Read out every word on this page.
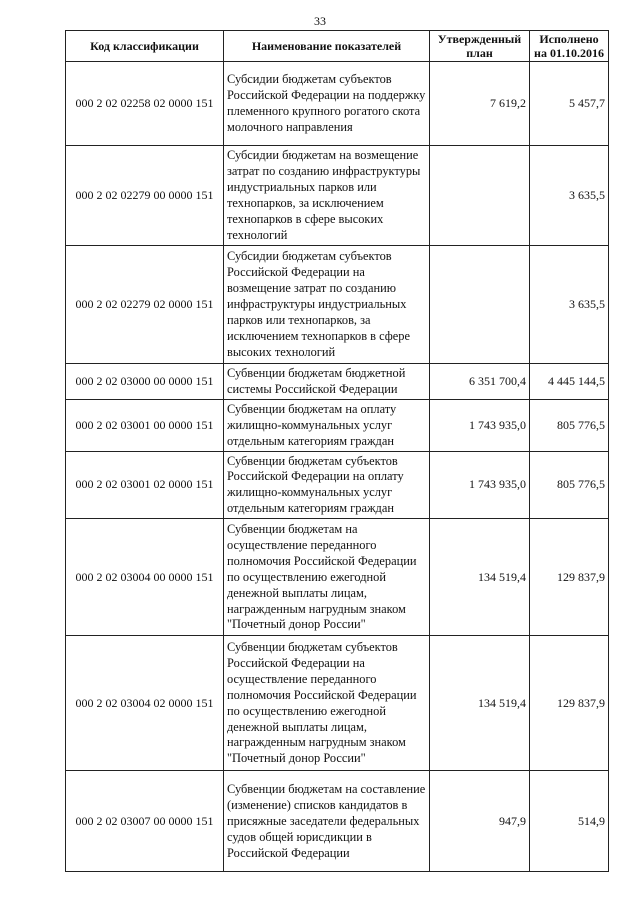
33
Код классификации	Наименование показателей	Утвержденный план	Исполнено на 01.10.2016
000 2 02 02258 02 0000 151	Субсидии бюджетам субъектов Российской Федерации на поддержку племенного крупного рогатого скота молочного направления	7 619,2	5 457,7
000 2 02 02279 00 0000 151	Субсидии бюджетам на возмещение затрат по созданию инфраструктуры индустриальных парков или технопарков, за исключением технопарков в сфере высоких технологий		3 635,5
000 2 02 02279 02 0000 151	Субсидии бюджетам субъектов Российской Федерации на возмещение затрат по созданию инфраструктуры индустриальных парков или технопарков, за исключением технопарков в сфере высоких технологий		3 635,5
000 2 02 03000 00 0000 151	Субвенции бюджетам бюджетной системы Российской Федерации	6 351 700,4	4 445 144,5
000 2 02 03001 00 0000 151	Субвенции бюджетам на оплату жилищно-коммунальных услуг отдельным категориям граждан	1 743 935,0	805 776,5
000 2 02 03001 02 0000 151	Субвенции бюджетам субъектов Российской Федерации на оплату жилищно-коммунальных услуг отдельным категориям граждан	1 743 935,0	805 776,5
000 2 02 03004 00 0000 151	Субвенции бюджетам на осуществление переданного полномочия Российской Федерации по осуществлению ежегодной денежной выплаты лицам, награжденным нагрудным знаком "Почетный донор России"	134 519,4	129 837,9
000 2 02 03004 02 0000 151	Субвенции бюджетам субъектов Российской Федерации на осуществление переданного полномочия Российской Федерации по осуществлению ежегодной денежной выплаты лицам, награжденным нагрудным знаком "Почетный донор России"	134 519,4	129 837,9
000 2 02 03007 00 0000 151	Субвенции бюджетам на составление (изменение) списков кандидатов в присяжные заседатели федеральных судов общей юрисдикции в Российской Федерации	947,9	514,9
